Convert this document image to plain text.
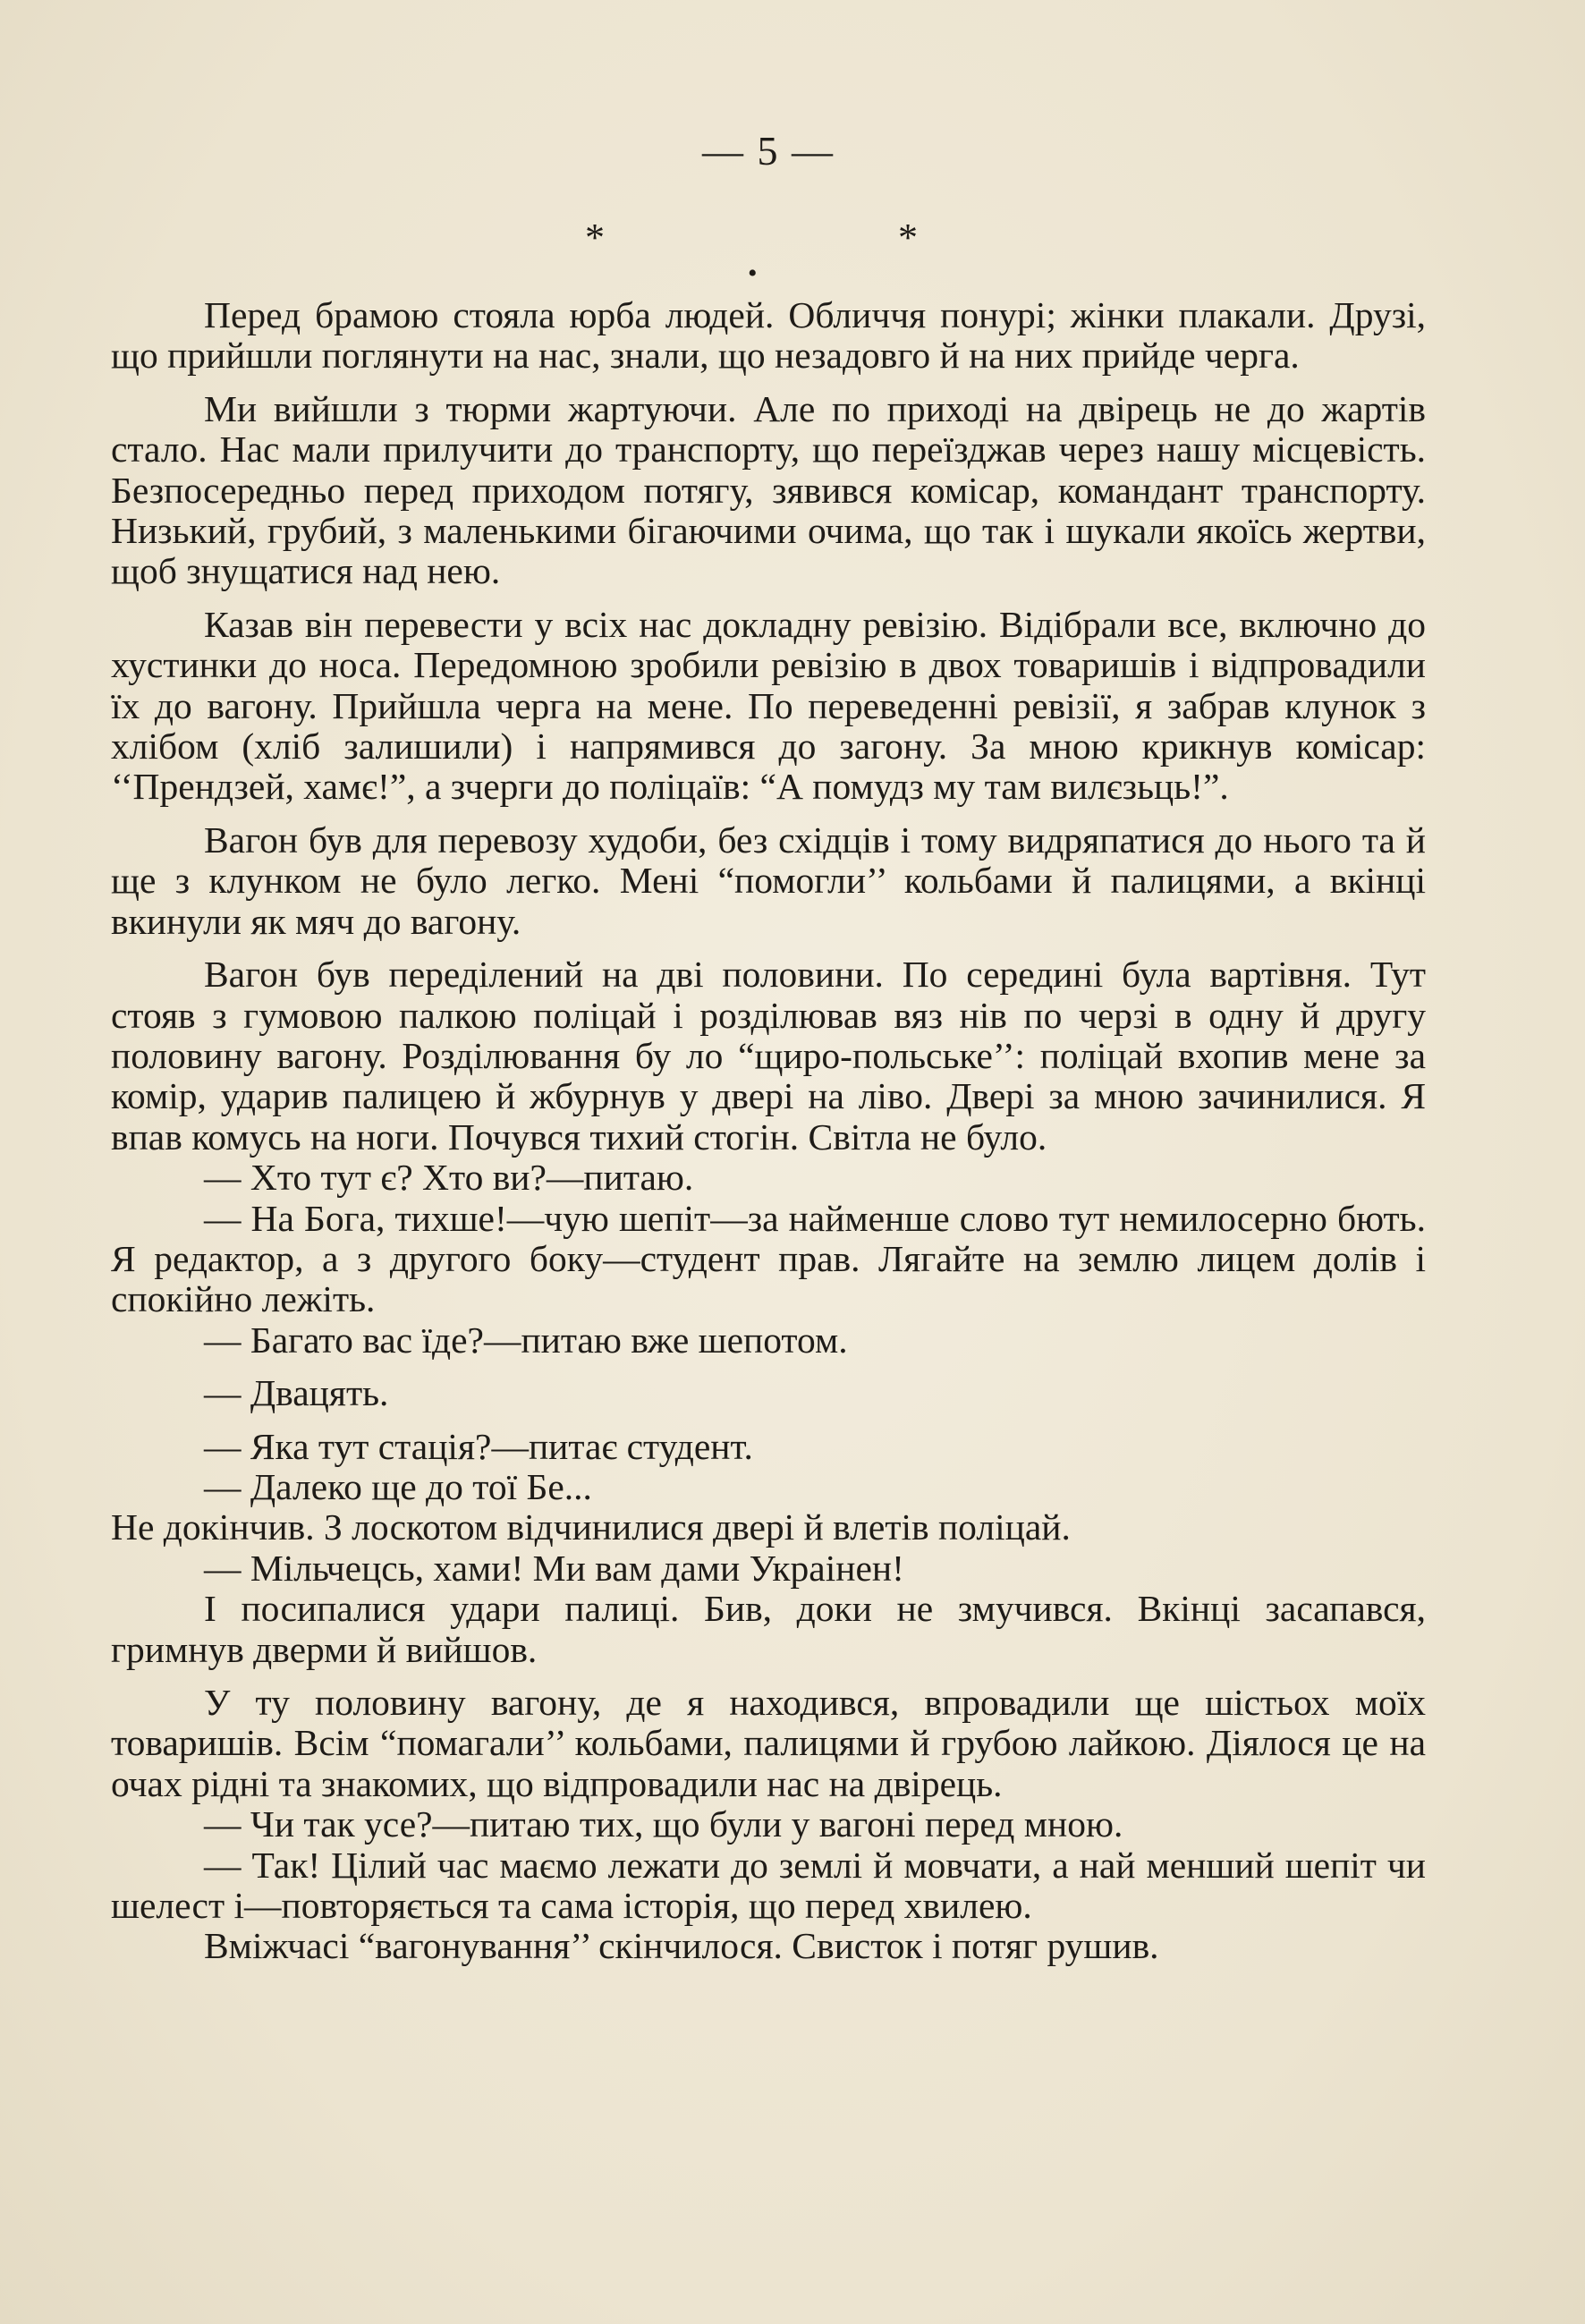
— 5 —
*	*
•

Перед брамою стояла юрба людей. Обличчя понурі; жінки плакали. Друзі, що прийшли поглянути на нас, знали, що незадовго й на них прийде черга.

Ми вийшли з тюрми жартуючи. Але по приході на двірець не до жартів стало. Нас мали прилучити до транспорту, що переїзджав через нашу місцевість. Безпосередньо перед приходом потягу, зявився комісар, командант транспорту. Низький, грубий, з маленькими бігаючими очима, що так і шукали якоїсь жертви, щоб знущатися над нею.

Казав він перевести у всіх нас докладну ревізію. Відібрали все, включно до хустинки до носа. Передомною зробили ревізію в двох товаришів і відпровадили їх до вагону. Прийшла черга на мене. По переведенні ревізії, я забрав клунок з хлібом (хліб залишили) і напрямився до загону. За мною крикнув комісар: ‘‘Прендзей, хамє!”, а зчерги до поліцаїв: “А помудз му там вилєзьць!”.

Вагон був для перевозу худоби, без східців і тому видряпатися до нього та й ще з клунком не було легко. Мені “помогли’’ кольбами й палицями, а вкінці вкинули як мяч до вагону.

Вагон був переділений на дві половини. По середині була вартівня. Тут стояв з гумовою палкою поліцай і розділював вяз нів по черзі в одну й другу половину вагону. Розділювання бу ло “щиро-польське’’: поліцай вхопив мене за комір, ударив палицею й жбурнув у двері на ліво. Двері за мною зачинилися. Я впав комусь на ноги. Почувся тихий стогін. Світла не було.

— Хто тут є? Хто ви?—питаю.

— На Бога, тихше!—чую шепіт—за найменше слово тут немилосерно бють. Я редактор, а з другого боку—студент прав. Лягайте на землю лицем долів і спокійно лежіть.

— Багато вас їде?—питаю вже шепотом.

— Двацять.

— Яка тут стація?—питає студент.

— Далеко ще до тої Бе...

Не докінчив. З лоскотом відчинилися двері й влетів поліцай.

— Мільчецсь, хами! Ми вам дами Украінен!

І посипалися удари палиці. Бив, доки не змучився. Вкінці засапався, гримнув дверми й вийшов.

У ту половину вагону, де я находився, впровадили ще шістьох моїх товаришів. Всім “помагали’’ кольбами, палицями й грубою лайкою. Діялося це на очах рідні та знакомих, що відпровадили нас на двірець.

— Чи так усе?—питаю тих, що були у вагоні перед мною.

— Так! Цілий час маємо лежати до землі й мовчати, а най менший шепіт чи шелест і—повторяється та сама історія, що перед хвилею.

Вміжчасі “вагонування’’ скінчилося. Свисток і потяг рушив.
